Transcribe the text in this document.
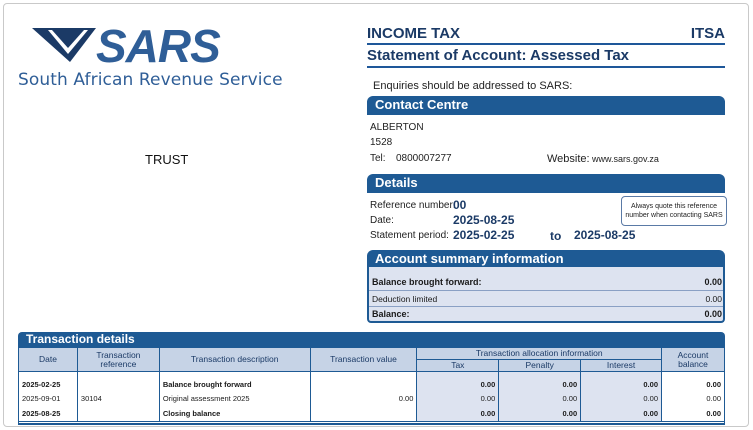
SARS
South African Revenue Service
TRUST
INCOME TAX	ITSA
Statement of Account: Assessed Tax
Enquiries should be addressed to SARS:
Contact Centre
ALBERTON
1528
Tel: 0800007277	Website: www.sars.gov.za
Details
Reference number:
00
Date:	2025-08-25
Statement period: 2025-02-25	to 2025-08-25
Always quote this reference number when contacting SARS
Account summary information
Balance brought forward:	0.00
Deduction limited	0.00
Balance:	0.00
Transaction details
Date	Transaction reference	Transaction description	Transaction value	Transaction allocation information			Account balance
				Tax	Penalty	Interest	
2025-02-25		Balance brought forward		0.00	0.00	0.00	0.00
2025-09-01	30104	Original assessment 2025	0.00	0.00	0.00	0.00	0.00
2025-08-25		Closing balance		0.00	0.00	0.00	0.00
